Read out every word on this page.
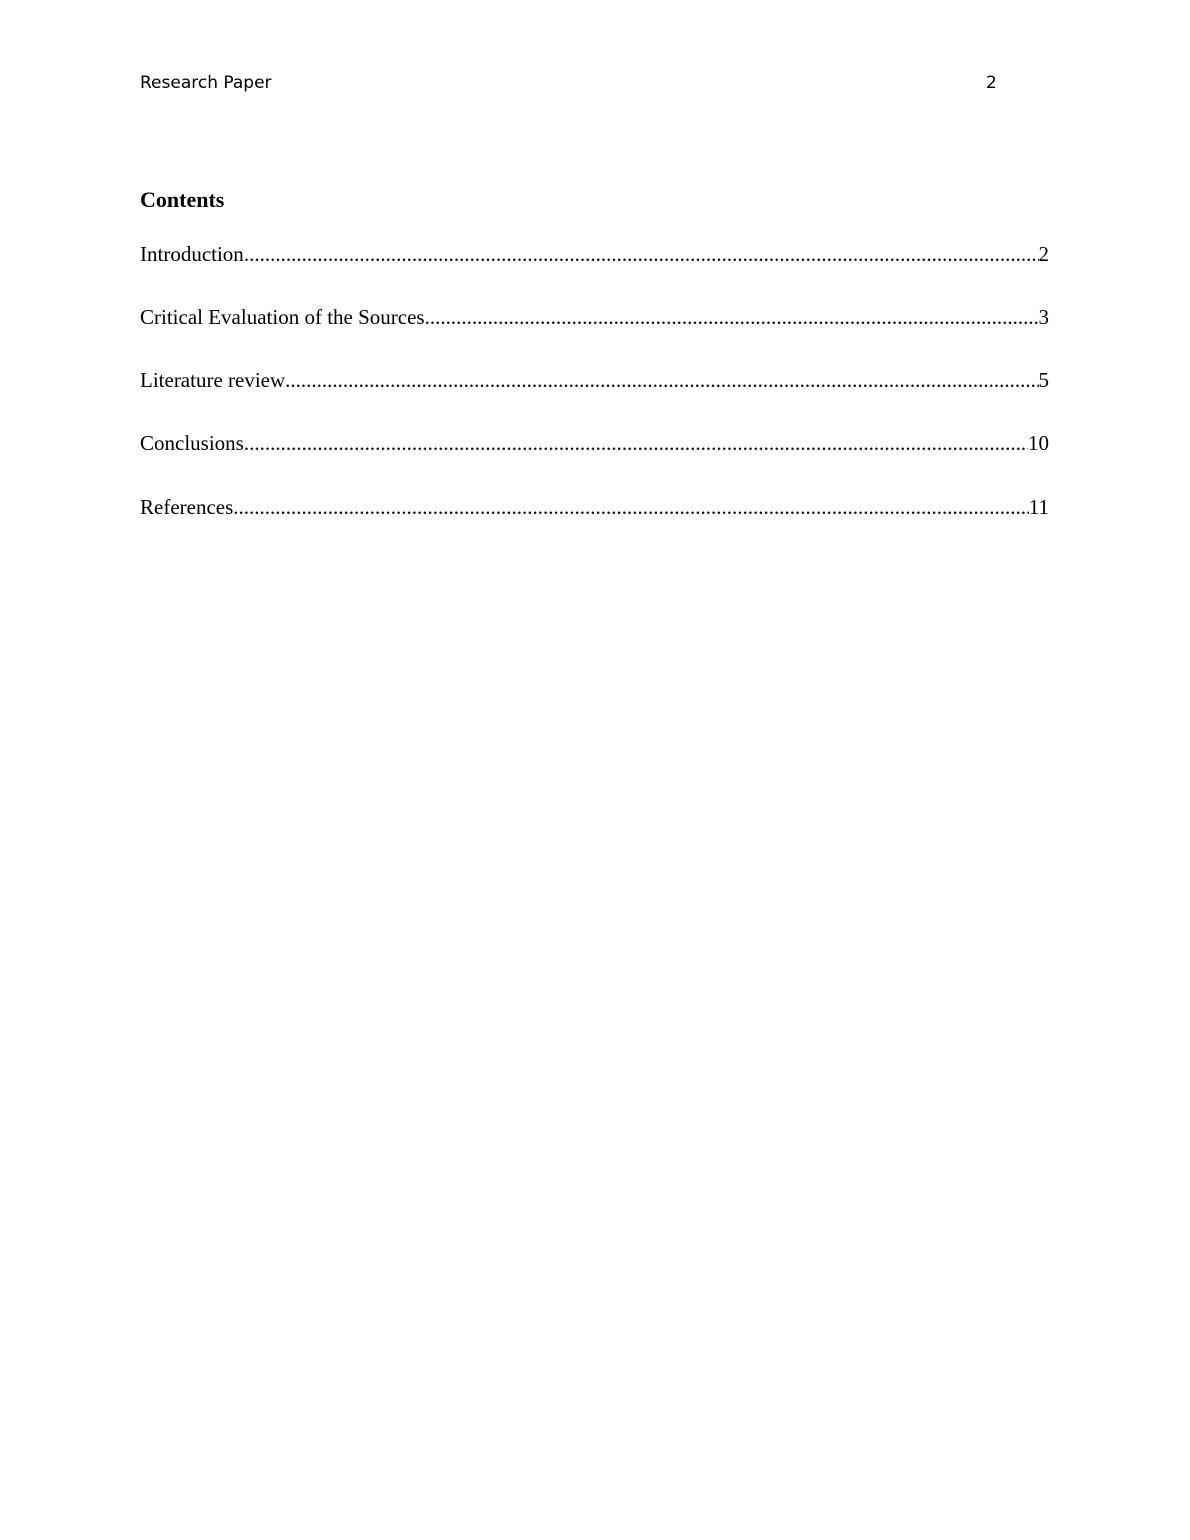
Research Paper	2
Contents
Introduction .....	2
Critical Evaluation of the Sources .....	3
Literature review .....	5
Conclusions .....	10
References .....	11
